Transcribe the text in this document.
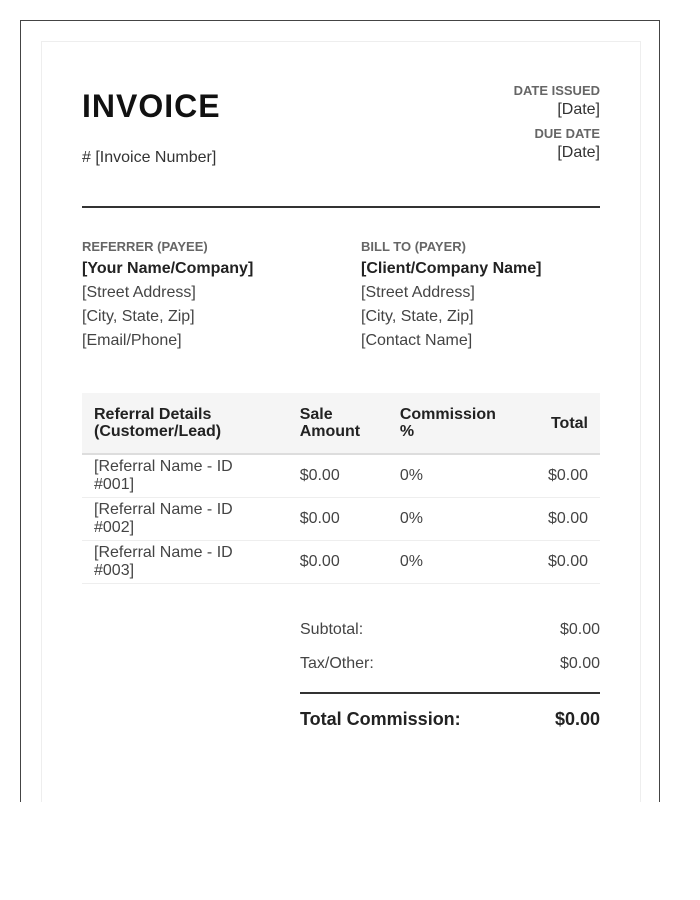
INVOICE
# [Invoice Number]
DATE ISSUED
[Date]
DUE DATE
[Date]
REFERRER (PAYEE)
[Your Name/Company]
[Street Address]
[City, State, Zip]
[Email/Phone]
BILL TO (PAYER)
[Client/Company Name]
[Street Address]
[City, State, Zip]
[Contact Name]
Referral Details (Customer/Lead)	Sale Amount	Commission %	Total
[Referral Name - ID #001]	$0.00	0%	$0.00
[Referral Name - ID #002]	$0.00	0%	$0.00
[Referral Name - ID #003]	$0.00	0%	$0.00
Subtotal:	$0.00
Tax/Other:	$0.00
Total Commission:	$0.00
